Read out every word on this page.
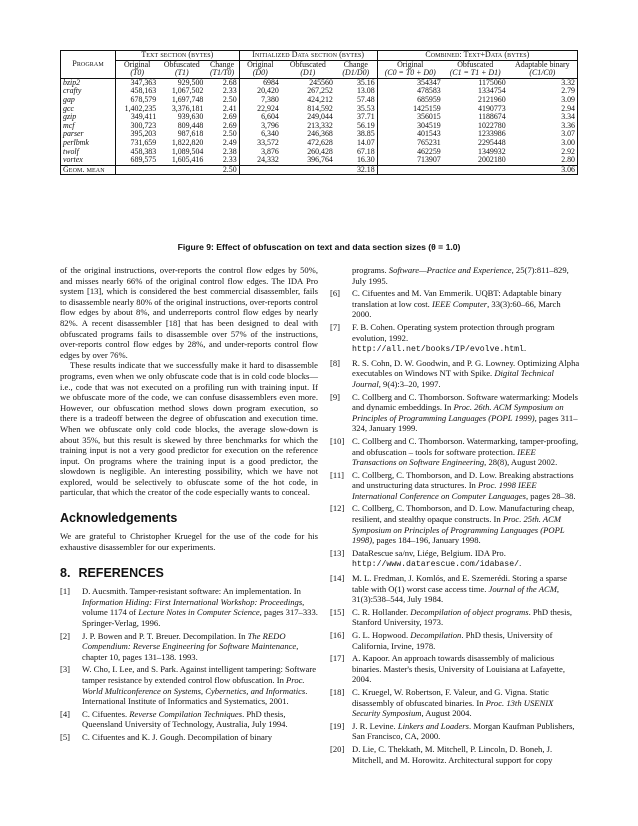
Program	Text section (bytes)			Initialized Data section (bytes)			Combined: Text+Data (bytes)		
	Original	Obfuscated	Change	Original	Obfuscated	Change	Original	Obfuscated	Adaptable binary
	(T0)	(T1)	(T1/T0)	(D0)	(D1)	(D1/D0)	(C0 = T0 + D0)	(C1 = T1 + D1)	(C1/C0)
bzip2	347,363	929,500	2.68	6984	245560	35.16	354347	1175060	3.32
crafty	458,163	1,067,502	2.33	20,420	267,252	13.08	478583	1334754	2.79
gap	678,579	1,697,748	2.50	7,380	424,212	57.48	685959	2121960	3.09
gcc	1,402,235	3,376,181	2.41	22,924	814,592	35.53	1425159	4190773	2.94
gzip	349,411	939,630	2.69	6,604	249,044	37.71	356015	1188674	3.34
mcf	300,723	809,448	2.69	3,796	213,332	56.19	304519	1022780	3.36
parser	395,203	987,618	2.50	6,340	246,368	38.85	401543	1233986	3.07
perlbmk	731,659	1,822,820	2.49	33,572	472,628	14.07	765231	2295448	3.00
twolf	458,383	1,089,504	2.38	3,876	260,428	67.18	462259	1349932	2.92
vortex	689,575	1,605,416	2.33	24,332	396,764	16.30	713907	2002180	2.80
Geom. mean			2.50			32.18			3.06
Figure 9: Effect of obfuscation on text and data section sizes (θ = 1.0)

of the original instructions, over-reports the control flow edges by 50%, and misses nearly 66% of the original control flow edges. The IDA Pro system [13], which is considered the best commercial disassembler, fails to disassemble nearly 80% of the original instructions, over-reports control flow edges by about 8%, and underreports control flow edges by nearly 82%. A recent disassembler [18] that has been designed to deal with obfuscated programs fails to disassemble over 57% of the instructions, over-reports control flow edges by 28%, and under-reports control flow edges by over 76%.

These results indicate that we successfully make it hard to disassemble programs, even when we only obfuscate code that is in cold code blocks—i.e., code that was not executed on a profiling run with training input. If we obfuscate more of the code, we can confuse disassemblers even more. However, our obfuscation method slows down program execution, so there is a tradeoff between the degree of obfuscation and execution time. When we obfuscate only cold code blocks, the average slow-down is about 35%, but this result is skewed by three benchmarks for which the training input is not a very good predictor for execution on the reference input. On programs where the training input is a good predictor, the slowdown is negligible. An interesting possibility, which we have not explored, would be selectively to obfuscate some of the hot code, in particular, that which the creator of the code especially wants to conceal.

Acknowledgements

We are grateful to Christopher Kruegel for the use of the code for his exhaustive disassembler for our experiments.

8. REFERENCES
[1]	D. Aucsmith. Tamper-resistant software: An implementation. In Information Hiding: First International Workshop: Proceedings, volume 1174 of Lecture Notes in Computer Science, pages 317–333. Springer-Verlag, 1996.
[2]	J. P. Bowen and P. T. Breuer. Decompilation. In The REDO Compendium: Reverse Engineering for Software Maintenance, chapter 10, pages 131–138. 1993.
[3]	W. Cho, I. Lee, and S. Park. Against intelligent tampering: Software tamper resistance by extended control flow obfuscation. In Proc. World Multiconference on Systems, Cybernetics, and Informatics. International Institute of Informatics and Systematics, 2001.
[4]	C. Cifuentes. Reverse Compilation Techniques. PhD thesis, Queensland University of Technology, Australia, July 1994.
[5]	C. Cifuentes and K. J. Gough. Decompilation of binary
programs. Software—Practice and Experience, 25(7):811–829, July 1995.
[6]	C. Cifuentes and M. Van Emmerik. UQBT: Adaptable binary translation at low cost. IEEE Computer, 33(3):60–66, March 2000.
[7]	F. B. Cohen. Operating system protection through program evolution, 1992. http://all.net/books/IP/evolve.html.
[8]	R. S. Cohn, D. W. Goodwin, and P. G. Lowney. Optimizing Alpha executables on Windows NT with Spike. Digital Technical Journal, 9(4):3–20, 1997.
[9]	C. Collberg and C. Thomborson. Software watermarking: Models and dynamic embeddings. In Proc. 26th. ACM Symposium on Principles of Programming Languages (POPL 1999), pages 311–324, January 1999.
[10] C. Collberg and C. Thomborson. Watermarking, tamper-proofing, and obfuscation – tools for software protection. IEEE Transactions on Software Engineering, 28(8), August 2002.
[11] C. Collberg, C. Thomborson, and D. Low. Breaking abstractions and unstructuring data structures. In Proc. 1998 IEEE International Conference on Computer Languages, pages 28–38.
[12] C. Collberg, C. Thomborson, and D. Low. Manufacturing cheap, resilient, and stealthy opaque constructs. In Proc. 25th. ACM Symposium on Principles of Programming Languages (POPL 1998), pages 184–196, January 1998.
[13] DataRescue sa/nv, Liége, Belgium. IDA Pro. http://www.datarescue.com/idabase/.
[14] M. L. Fredman, J. Komlós, and E. Szemerédi. Storing a sparse table with O(1) worst case access time. Journal of the ACM, 31(3):538–544, July 1984.
[15] C. R. Hollander. Decompilation of object programs. PhD thesis, Stanford University, 1973.
[16] G. L. Hopwood. Decompilation. PhD thesis, University of California, Irvine, 1978.
[17] A. Kapoor. An approach towards disassembly of malicious binaries. Master's thesis, University of Louisiana at Lafayette, 2004.
[18] C. Kruegel, W. Robertson, F. Valeur, and G. Vigna. Static disassembly of obfuscated binaries. In Proc. 13th USENIX Security Symposium, August 2004.
[19] J. R. Levine. Linkers and Loaders. Morgan Kaufman Publishers, San Francisco, CA, 2000.
[20] D. Lie, C. Thekkath, M. Mitchell, P. Lincoln, D. Boneh, J. Mitchell, and M. Horowitz. Architectural support for copy
